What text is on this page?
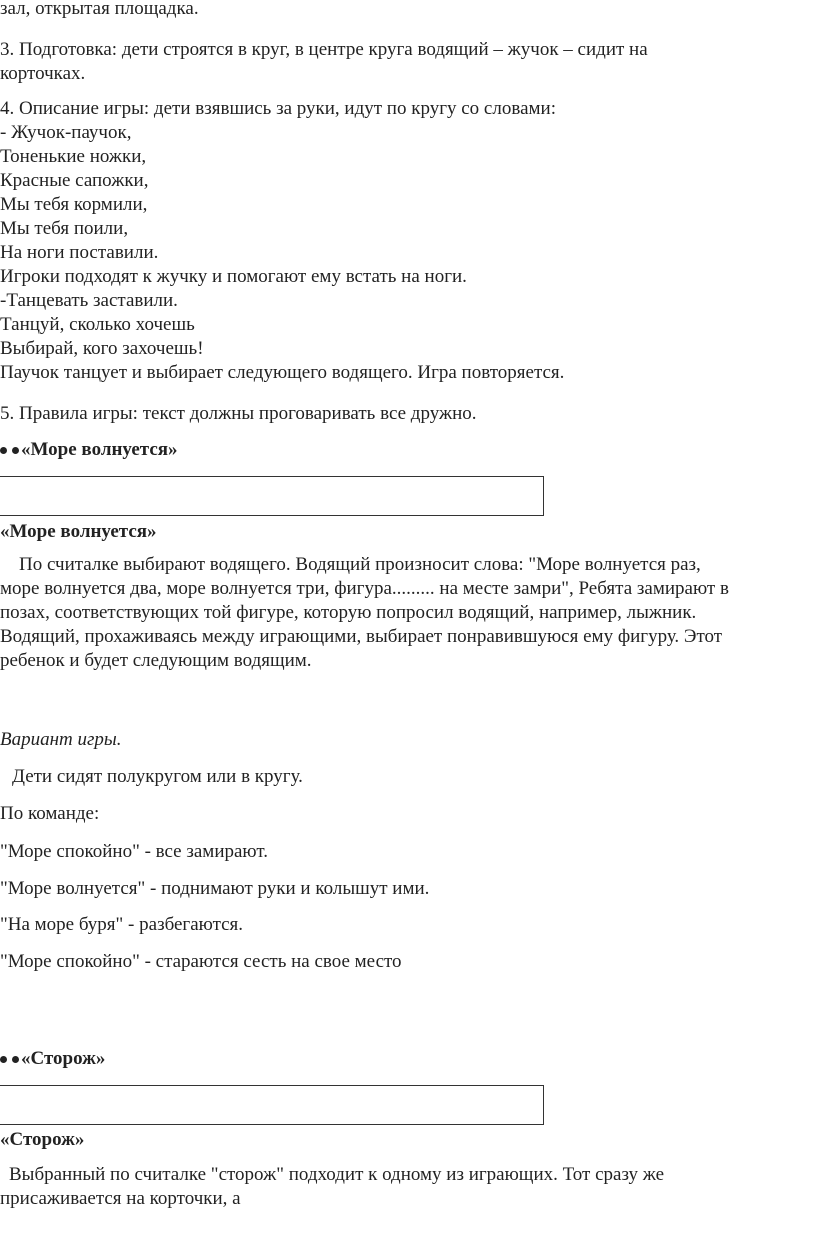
зал, открытая площадка.

3. Подготовка: дети строятся в круг, в центре круга водящий – жучок – сидит на
корточках.
4. Описание игры: дети взявшись за руки, идут по кругу со словами:
- Жучок-паучок,
Тоненькие ножки,
Красные сапожки,
Мы тебя кормили,
Мы тебя поили,
На ноги поставили.
Игроки подходят к жучку и помогают ему встать на ноги.
-Танцевать заставили.
Танцуй, сколько хочешь
Выбирай, кого захочешь!
Паучок танцует и выбирает следующего водящего. Игра повторяется.

5. Правила игры: текст должны проговаривать все дружно.

«Море волнуется»

«Море волнуется»

По считалке выбирают водящего. Водящий произносит слова: "Море волнуется раз,
море волнуется два, море волнуется три, фигура......... на месте замри", Ребята замирают в
позах, соответствующих той фигуре, которую попросил водящий, например, лыжник.
Водящий, прохаживаясь между играющими, выбирает понравившуюся ему фигуру. Этот
ребенок и будет следующим водящим.

Вариант игры.

Дети сидят полукругом или в кругу.

По команде:

"Море спокойно" - все замирают.

"Море волнуется" - поднимают руки и колышут ими.

"На море буря" - разбегаются.

"Море спокойно" - стараются сесть на свое место

«Сторож»

«Сторож»

Выбранный по считалке "сторож" подходит к одному из играющих. Тот сразу же
присаживается на корточки, а
